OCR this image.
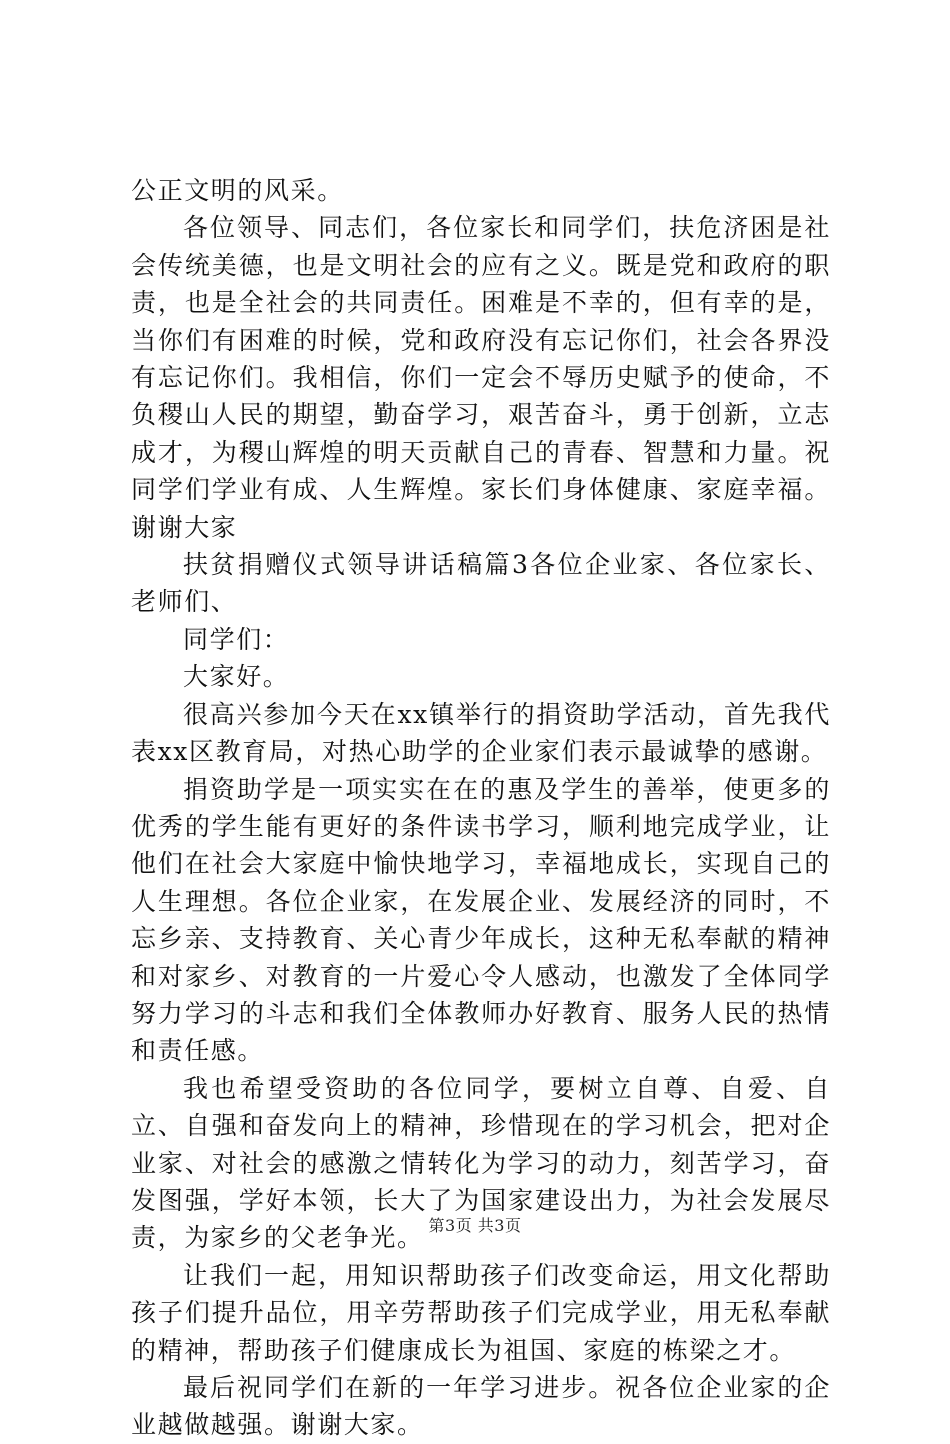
公正文明的风采。

各位领导、同志们，各位家长和同学们，扶危济困是社会传统美德，也是文明社会的应有之义。既是党和政府的职责，也是全社会的共同责任。困难是不幸的，但有幸的是，当你们有困难的时候，党和政府没有忘记你们，社会各界没有忘记你们。我相信，你们一定会不辱历史赋予的使命，不负稷山人民的期望，勤奋学习，艰苦奋斗，勇于创新，立志成才，为稷山辉煌的明天贡献自己的青春、智慧和力量。祝同学们学业有成、人生辉煌。家长们身体健康、家庭幸福。谢谢大家

扶贫捐赠仪式领导讲话稿篇3各位企业家、各位家长、老师们、

同学们：

大家好。

很高兴参加今天在xx镇举行的捐资助学活动，首先我代表xx区教育局，对热心助学的企业家们表示最诚挚的感谢。

捐资助学是一项实实在在的惠及学生的善举，使更多的优秀的学生能有更好的条件读书学习，顺利地完成学业，让他们在社会大家庭中愉快地学习，幸福地成长，实现自己的人生理想。各位企业家，在发展企业、发展经济的同时，不忘乡亲、支持教育、关心青少年成长，这种无私奉献的精神和对家乡、对教育的一片爱心令人感动，也激发了全体同学努力学习的斗志和我们全体教师办好教育、服务人民的热情和责任感。

我也希望受资助的各位同学，要树立自尊、自爱、自立、自强和奋发向上的精神，珍惜现在的学习机会，把对企业家、对社会的感激之情转化为学习的动力，刻苦学习，奋发图强，学好本领，长大了为国家建设出力，为社会发展尽责，为家乡的父老争光。

让我们一起，用知识帮助孩子们改变命运，用文化帮助孩子们提升品位，用辛劳帮助孩子们完成学业，用无私奉献的精神，帮助孩子们健康成长为祖国、家庭的栋梁之才。

最后祝同学们在新的一年学习进步。祝各位企业家的企业越做越强。谢谢大家。

第3页 共3页
